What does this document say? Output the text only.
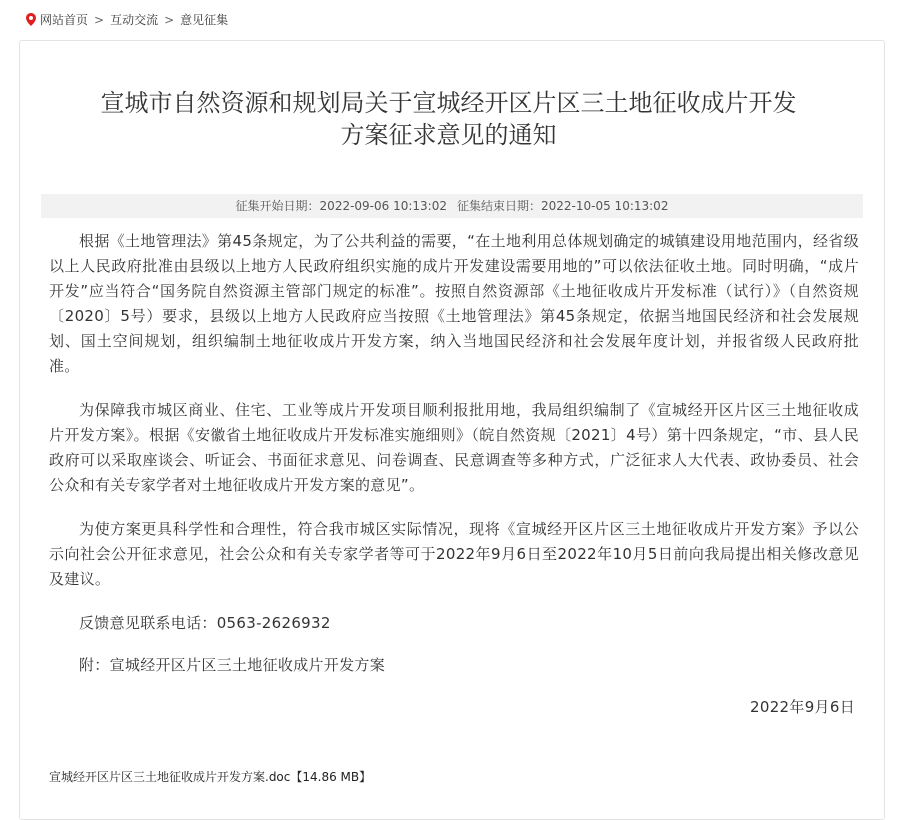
网站首页 > 互动交流 > 意见征集
宣城市自然资源和规划局关于宣城经开区片区三土地征收成片开发
方案征求意见的通知
征集开始日期：2022-09-06 10:13:02 征集结束日期：2022-10-05 10:13:02

根据《土地管理法》第45条规定，为了公共利益的需要，“在土地利用总体规划确定的城镇建设用地范围内，经省级以上人民政府批准由县级以上地方人民政府组织实施的成片开发建设需要用地的”可以依法征收土地。同时明确，“成片开发”应当符合“国务院自然资源主管部门规定的标准”。按照自然资源部《土地征收成片开发标准（试行）》（自然资规〔2020〕5号）要求，县级以上地方人民政府应当按照《土地管理法》第45条规定，依据当地国民经济和社会发展规划、国土空间规划，组织编制土地征收成片开发方案，纳入当地国民经济和社会发展年度计划，并报省级人民政府批准。

为保障我市城区商业、住宅、工业等成片开发项目顺利报批用地，我局组织编制了《宣城经开区片区三土地征收成片开发方案》。根据《安徽省土地征收成片开发标准实施细则》（皖自然资规〔2021〕4号）第十四条规定，“市、县人民政府可以采取座谈会、听证会、书面征求意见、问卷调查、民意调查等多种方式，广泛征求人大代表、政协委员、社会公众和有关专家学者对土地征收成片开发方案的意见”。

为使方案更具科学性和合理性，符合我市城区实际情况，现将《宣城经开区片区三土地征收成片开发方案》予以公示向社会公开征求意见，社会公众和有关专家学者等可于2022年9月6日至2022年10月5日前向我局提出相关修改意见及建议。

反馈意见联系电话：0563-2626932

附：宣城经开区片区三土地征收成片开发方案

2022年9月6日

宣城经开区片区三土地征收成片开发方案.doc【14.86 MB】
